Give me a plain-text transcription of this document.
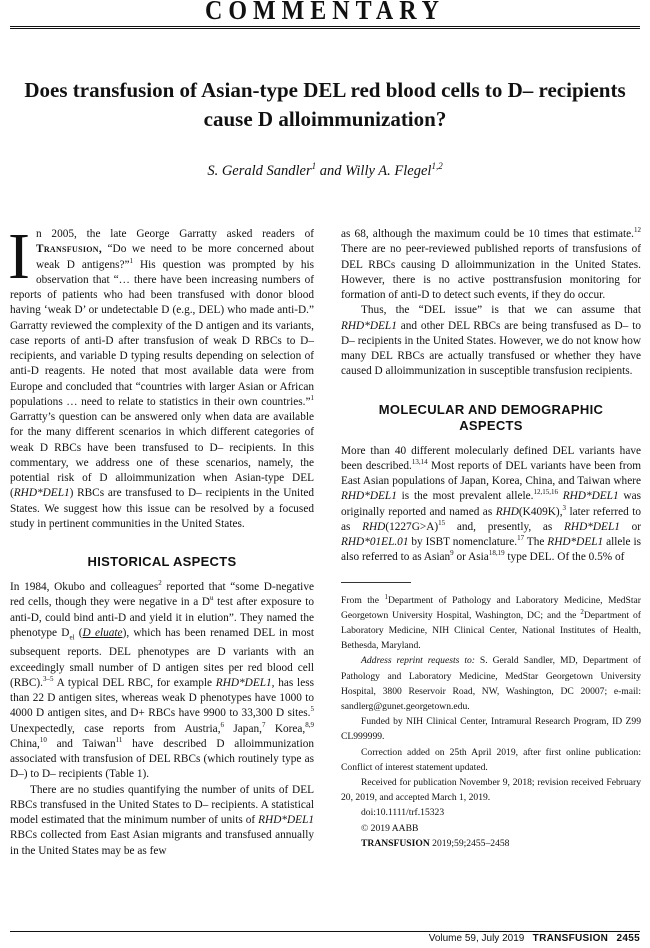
COMMENTARY
Does transfusion of Asian-type DEL red blood cells to D– recipients
cause D alloimmunization?
S. Gerald Sandler$^1$ and Willy A. Flegel$^{1,2}$

In 2005, the late George Garratty asked readers of Transfusion, “Do we need to be more concerned about weak D antigens?”$^1$ His question was prompted by his observation that “… there have been increasing numbers of reports of patients who had been transfused with donor blood having ‘weak D’ or undetectable D (e.g., DEL) who made anti-D.” Garratty reviewed the complexity of the D antigen and its variants, case reports of anti-D after transfusion of weak D RBCs to D– recipients, and variable D typing results depending on selection of anti-D reagents. He noted that most available data were from Europe and concluded that “countries with larger Asian or African populations … need to relate to statistics in their own countries.”$^1$ Garratty’s question can be answered only when data are available for the many different scenarios in which different categories of weak D RBCs have been transfused to D– recipients. In this commentary, we address one of these scenarios, namely, the potential risk of D alloimmunization when Asian-type DEL (RHD*DEL1) RBCs are transfused to D– recipients in the United States. We suggest how this issue can be resolved by a focused study in pertinent communities in the United States.

HISTORICAL ASPECTS

In 1984, Okubo and colleagues$^2$ reported that “some D-negative red cells, though they were negative in a $D^u$ test after exposure to anti-D, could bind anti-D and yield it in elution”. They named the phenotype $D_{el}$ (D eluate), which has been renamed DEL in most subsequent reports. DEL phenotypes are D variants with an exceedingly small number of D antigen sites per red blood cell (RBC).$^{3-5}$ A typical DEL RBC, for example RHD*DEL1, has less than 22 D antigen sites, whereas weak D phenotypes have 1000 to 4000 D antigen sites, and D+ RBCs have 9900 to 33,300 D sites.$^5$ Unexpectedly, case reports from Austria,$^6$ Japan,$^7$ Korea,$^{8,9}$ China,$^{10}$ and Taiwan$^{11}$ have described D alloimmunization associated with transfusion of DEL RBCs (which routinely type as D–) to D– recipients (Table 1).

There are no studies quantifying the number of units of DEL RBCs transfused in the United States to D– recipients. A statistical model estimated that the minimum number of units of RHD*DEL1 RBCs collected from East Asian migrants and transfused annually in the United States may be as few

as 68, although the maximum could be 10 times that estimate.$^{12}$ There are no peer-reviewed published reports of transfusions of DEL RBCs causing D alloimmunization in the United States. However, there is no active posttransfusion monitoring for formation of anti-D to detect such events, if they do occur.

Thus, the “DEL issue” is that we can assume that RHD*DEL1 and other DEL RBCs are being transfused as D– to D– recipients in the United States. However, we do not know how many DEL RBCs are actually transfused or whether they have caused D alloimmunization in susceptible transfusion recipients.

MOLECULAR AND DEMOGRAPHIC
ASPECTS

More than 40 different molecularly defined DEL variants have been described.$^{13,14}$ Most reports of DEL variants have been from East Asian populations of Japan, Korea, China, and Taiwan where RHD*DEL1 is the most prevalent allele.$^{12,15,16}$ RHD*DEL1 was originally reported and named as RHD(K409K),$^3$ later referred to as RHD(1227G>A)$^{15}$ and, presently, as RHD*DEL1 or RHD*01EL.01 by ISBT nomenclature.$^{17}$ The RHD*DEL1 allele is also referred to as Asian$^9$ or Asia$^{18,19}$ type DEL. Of the 0.5% of

From the $^1$Department of Pathology and Laboratory Medicine, MedStar Georgetown University Hospital, Washington, DC; and the $^2$Department of Laboratory Medicine, NIH Clinical Center, National Institutes of Health, Bethesda, Maryland.

Address reprint requests to: S. Gerald Sandler, MD, Department of Pathology and Laboratory Medicine, MedStar Georgetown University Hospital, 3800 Reservoir Road, NW, Washington, DC 20007; e-mail: sandlerg@gunet.georgetown.edu.

Funded by NIH Clinical Center, Intramural Research Program, ID Z99 CL999999.

Correction added on 25th April 2019, after first online publication: Conflict of interest statement updated.

Received for publication November 9, 2018; revision received February 20, 2019, and accepted March 1, 2019.

doi:10.1111/trf.15323

© 2019 AABB

TRANSFUSION 2019;59;2455–2458

Volume 59, July 2019 TRANSFUSION 2455
